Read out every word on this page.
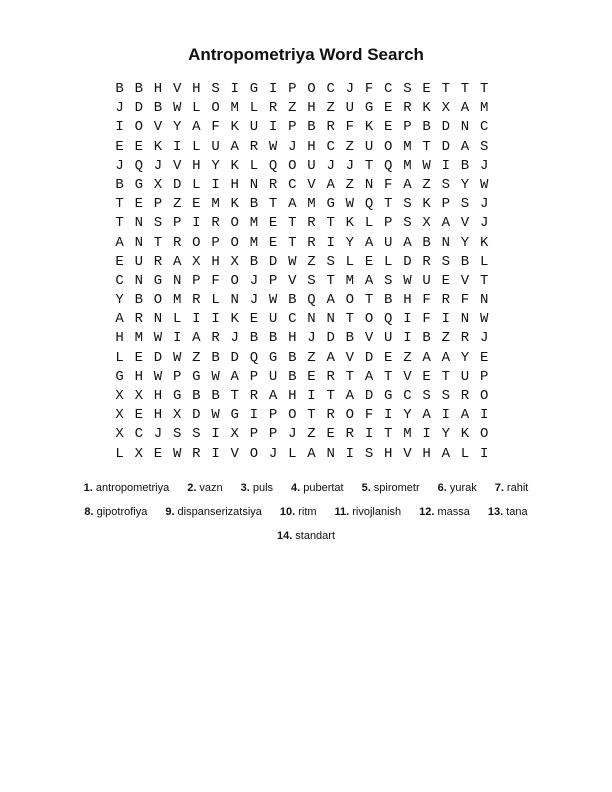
Antropometriya Word Search
B B H V H S I G I P O C J F C S E T T T
J D B W L O M L R Z H Z U G E R K X A M
I O V Y A F K U I P B R F K E P B D N C
E E K I L U A R W J H C Z U O M T D A S
J Q J V H Y K L Q O U J J T Q M W I B J
B G X D L I H N R C V A Z N F A Z S Y W
T E P Z E M K B T A M G W Q T S K P S J
T N S P I R O M E T R T K L P S X A V J
A N T R O P O M E T R I Y A U A B N Y K
E U R A X H X B D W Z S L E L D R S B L
C N G N P F O J P V S T M A S W U E V T
Y B O M R L N J W B Q A O T B H F R F N
A R N L I I K E U C N N T O Q I F I N W
H M W I A R J B B H J D B V U I B Z R J
L E D W Z B D Q G B Z A V D E Z A A Y E
G H W P G W A P U B E R T A T V E T U P
X X H G B B T R A H I T A D G C S S R O
X E H X D W G I P O T R O F I Y A I A I
X C J S S I X P P J Z E R I T M I Y K O
L X E W R I V O J L A N I S H V H A L I
1. antropometriya	2. vazn	3. puls	4. pubertat	5. spirometr	6. yurak	7. rahit
8. gipotrofiya	9. dispanserizatsiya	10. ritm	11. rivojlanish	12. massa	13. tana
14. standart
